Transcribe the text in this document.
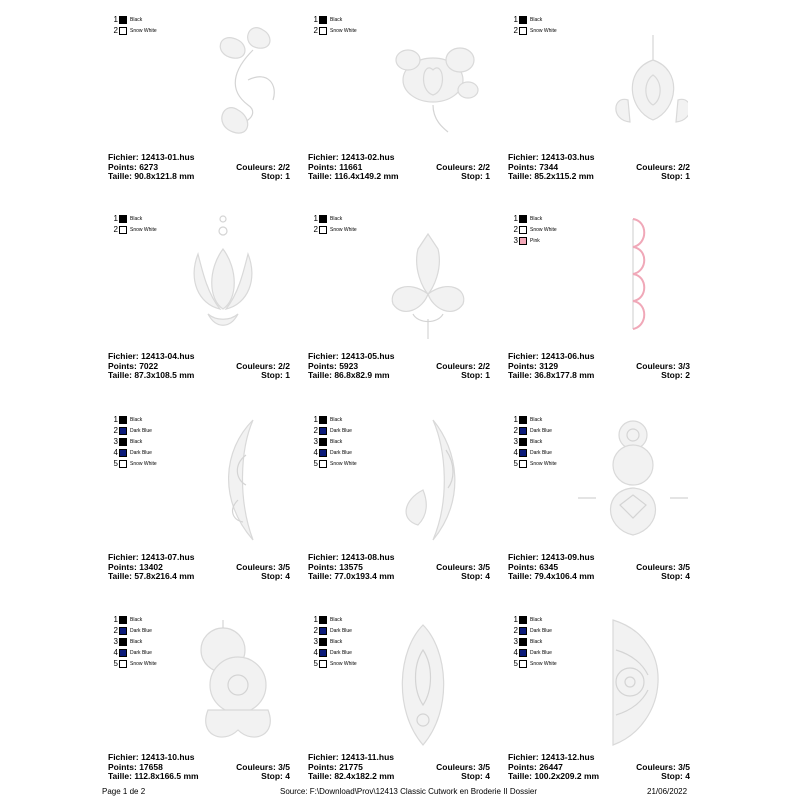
1 Black
2 Snow White
Fichier: 12413-01.hus
Points: 6273	Couleurs: 2/2
Taille: 90.8x121.8 mm	Stop: 1
1 Black
2 Snow White
Fichier: 12413-02.hus
Points: 11661	Couleurs: 2/2
Taille: 116.4x149.2 mm	Stop: 1
1 Black
2 Snow White
Fichier: 12413-03.hus
Points: 7344	Couleurs: 2/2
Taille: 85.2x115.2 mm	Stop: 1
1 Black
2 Snow White
Fichier: 12413-04.hus
Points: 7022	Couleurs: 2/2
Taille: 87.3x108.5 mm	Stop: 1
1 Black
2 Snow White
Fichier: 12413-05.hus
Points: 5923	Couleurs: 2/2
Taille: 86.8x82.9 mm	Stop: 1
1 Black
2 Snow White
3 Pink
Fichier: 12413-06.hus
Points: 3129	Couleurs: 3/3
Taille: 36.8x177.8 mm	Stop: 2
1 Black
2 Dark Blue
3 Black
4 Dark Blue
5 Snow White
Fichier: 12413-07.hus
Points: 13402	Couleurs: 3/5
Taille: 57.8x216.4 mm	Stop: 4
1 Black
2 Dark Blue
3 Black
4 Dark Blue
5 Snow White
Fichier: 12413-08.hus
Points: 13575	Couleurs: 3/5
Taille: 77.0x193.4 mm	Stop: 4
1 Black
2 Dark Blue
3 Black
4 Dark Blue
5 Snow White
Fichier: 12413-09.hus
Points: 6345	Couleurs: 3/5
Taille: 79.4x106.4 mm	Stop: 4
1 Black
2 Dark Blue
3 Black
4 Dark Blue
5 Snow White
Fichier: 12413-10.hus
Points: 17658	Couleurs: 3/5
Taille: 112.8x166.5 mm	Stop: 4
1 Black
2 Dark Blue
3 Black
4 Dark Blue
5 Snow White
Fichier: 12413-11.hus
Points: 21775	Couleurs: 3/5
Taille: 82.4x182.2 mm	Stop: 4
1 Black
2 Dark Blue
3 Black
4 Dark Blue
5 Snow White
Fichier: 12413-12.hus
Points: 26447	Couleurs: 3/5
Taille: 100.2x209.2 mm	Stop: 4
Page 1 de 2	Source: F:\Download\Prov\12413 Classic Cutwork en Broderie II Dossier	21/06/2022
